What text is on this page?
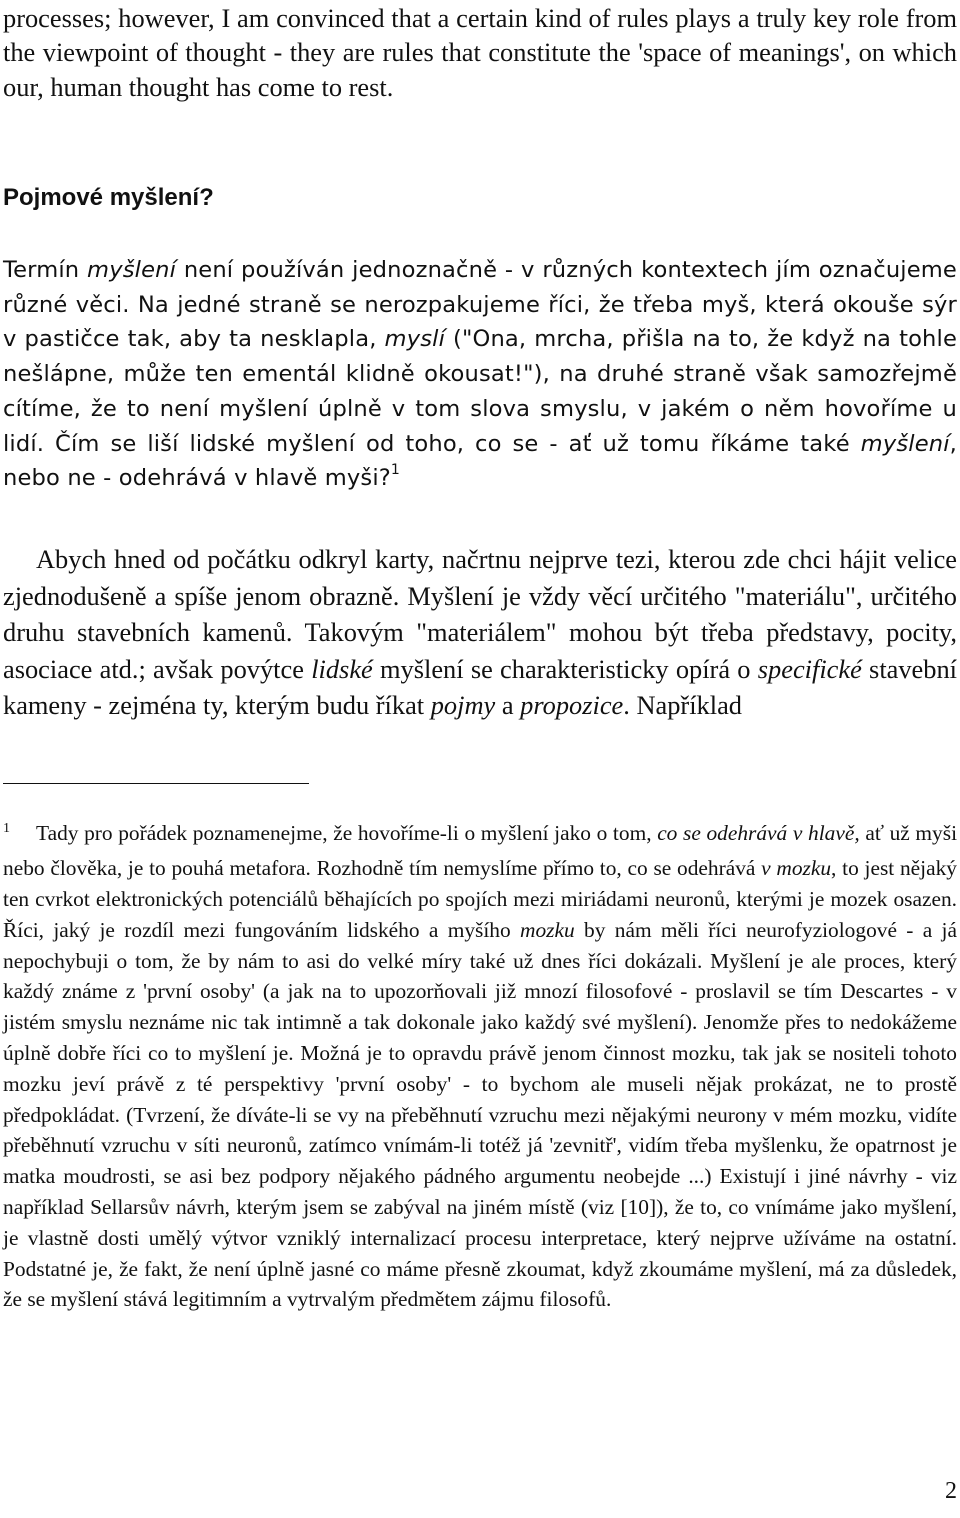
processes; however, I am convinced that a certain kind of rules plays a truly key role from the viewpoint of thought - they are rules that constitute the 'space of meanings', on which our, human thought has come to rest.

Pojmové myšlení?

Termín myšlení není používán jednoznačně - v různých kontextech jím označujeme různé věci. Na jedné straně se nerozpakujeme říci, že třeba myš, která okouše sýr v pastičce tak, aby ta nesklapla, myslí ("Ona, mrcha, přišla na to, že když na tohle nešlápne, může ten ementál klidně okousat!"), na druhé straně však samozřejmě cítíme, že to není myšlení úplně v tom slova smyslu, v jakém o něm hovoříme u lidí. Čím se liší lidské myšlení od toho, co se - ať už tomu říkáme také myšlení, nebo ne - odehrává v hlavě myši?$^1$

Abych hned od počátku odkryl karty, načrtnu nejprve tezi, kterou zde chci hájit velice zjednodušeně a spíše jenom obrazně. Myšlení je vždy věcí určitého "materiálu", určitého druhu stavebních kamenů. Takovým "materiálem" mohou být třeba představy, pocity, asociace atd.; avšak povýtce lidské myšlení se charakteristicky opírá o specifické stavební kameny - zejména ty, kterým budu říkat pojmy a propozice. Například

$^1$ Tady pro pořádek poznamenejme, že hovoříme-li o myšlení jako o tom, co se odehrává v hlavě, ať už myši nebo člověka, je to pouhá metafora. Rozhodně tím nemyslíme přímo to, co se odehrává v mozku, to jest nějaký ten cvrkot elektronických potenciálů běhajících po spojích mezi miriádami neuronů, kterými je mozek osazen. Říci, jaký je rozdíl mezi fungováním lidského a myšího mozku by nám měli říci neurofyziologové - a já nepochybuji o tom, že by nám to asi do velké míry také už dnes říci dokázali. Myšlení je ale proces, který každý známe z 'první osoby' (a jak na to upozorňovali již mnozí filosofové - proslavil se tím Descartes - v jistém smyslu neznáme nic tak intimně a tak dokonale jako každý své myšlení). Jenomže přes to nedokážeme úplně dobře říci co to myšlení je. Možná je to opravdu právě jenom činnost mozku, tak jak se nositeli tohoto mozku jeví právě z té perspektivy 'první osoby' - to bychom ale museli nějak prokázat, ne to prostě předpokládat. (Tvrzení, že díváte-li se vy na přeběhnutí vzruchu mezi nějakými neurony v mém mozku, vidíte přeběhnutí vzruchu v síti neuronů, zatímco vnímám-li totéž já 'zevnitř', vidím třeba myšlenku, že opatrnost je matka moudrosti, se asi bez podpory nějakého pádného argumentu neobejde ...) Existují i jiné návrhy - viz například Sellarsův návrh, kterým jsem se zabýval na jiném místě (viz [10]), že to, co vnímáme jako myšlení, je vlastně dosti umělý výtvor vzniklý internalizací procesu interpretace, který nejprve užíváme na ostatní. Podstatné je, že fakt, že není úplně jasné co máme přesně zkoumat, když zkoumáme myšlení, má za důsledek, že se myšlení stává legitimním a vytrvalým předmětem zájmu filosofů.

2
